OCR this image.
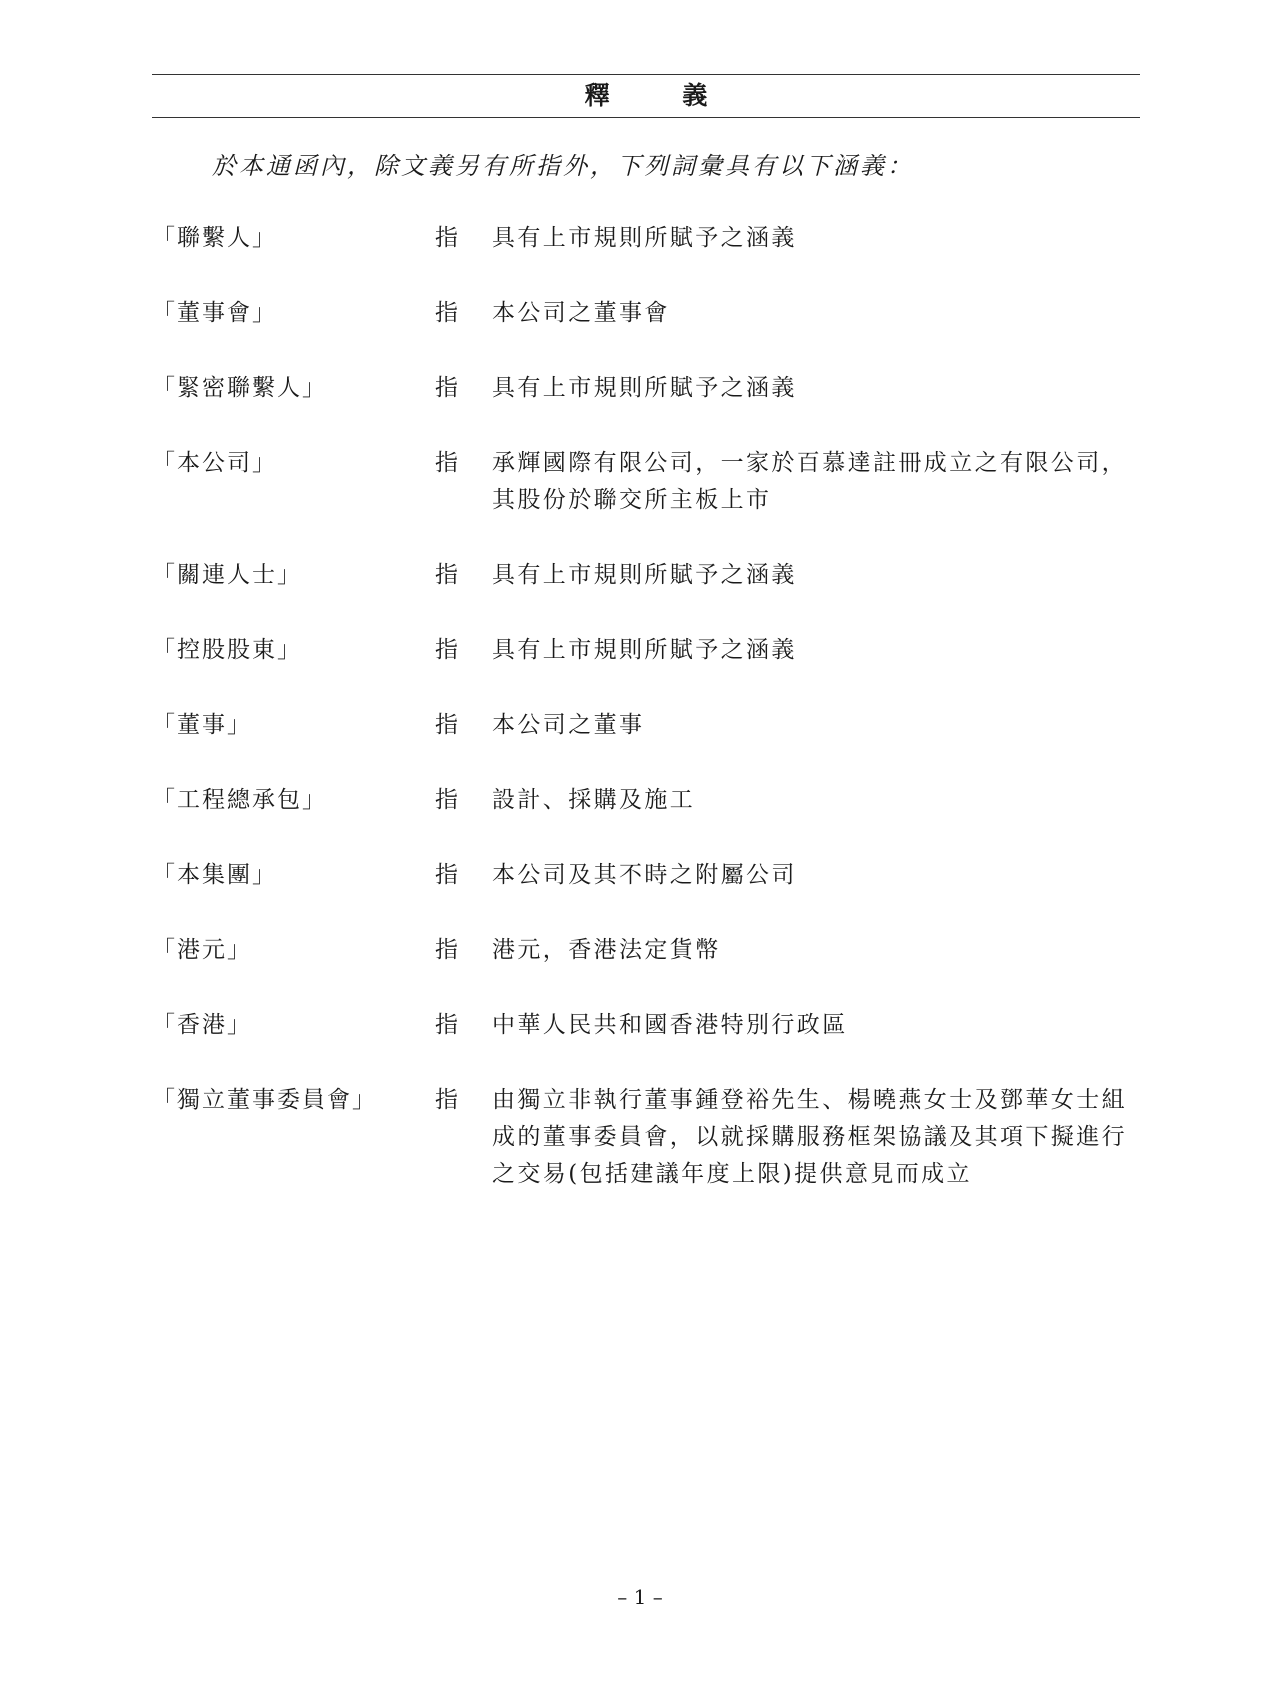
釋 義
於本通函內，除文義另有所指外，下列詞彙具有以下涵義：
「聯繫人」	指 具有上市規則所賦予之涵義
「董事會」	指 本公司之董事會
「緊密聯繫人」	指 具有上市規則所賦予之涵義
「本公司」	指 承輝國際有限公司，一家於百慕達註冊成立之有限公司，其股份於聯交所主板上市
「關連人士」	指 具有上市規則所賦予之涵義
「控股股東」	指 具有上市規則所賦予之涵義
「董事」	指 本公司之董事
「工程總承包」	指 設計、採購及施工
「本集團」	指 本公司及其不時之附屬公司
「港元」	指 港元，香港法定貨幣
「香港」	指 中華人民共和國香港特別行政區
「獨立董事委員會」	指 由獨立非執行董事鍾登裕先生、楊曉燕女士及鄧華女士組成的董事委員會，以就採購服務框架協議及其項下擬進行之交易(包括建議年度上限)提供意見而成立
– 1 –
